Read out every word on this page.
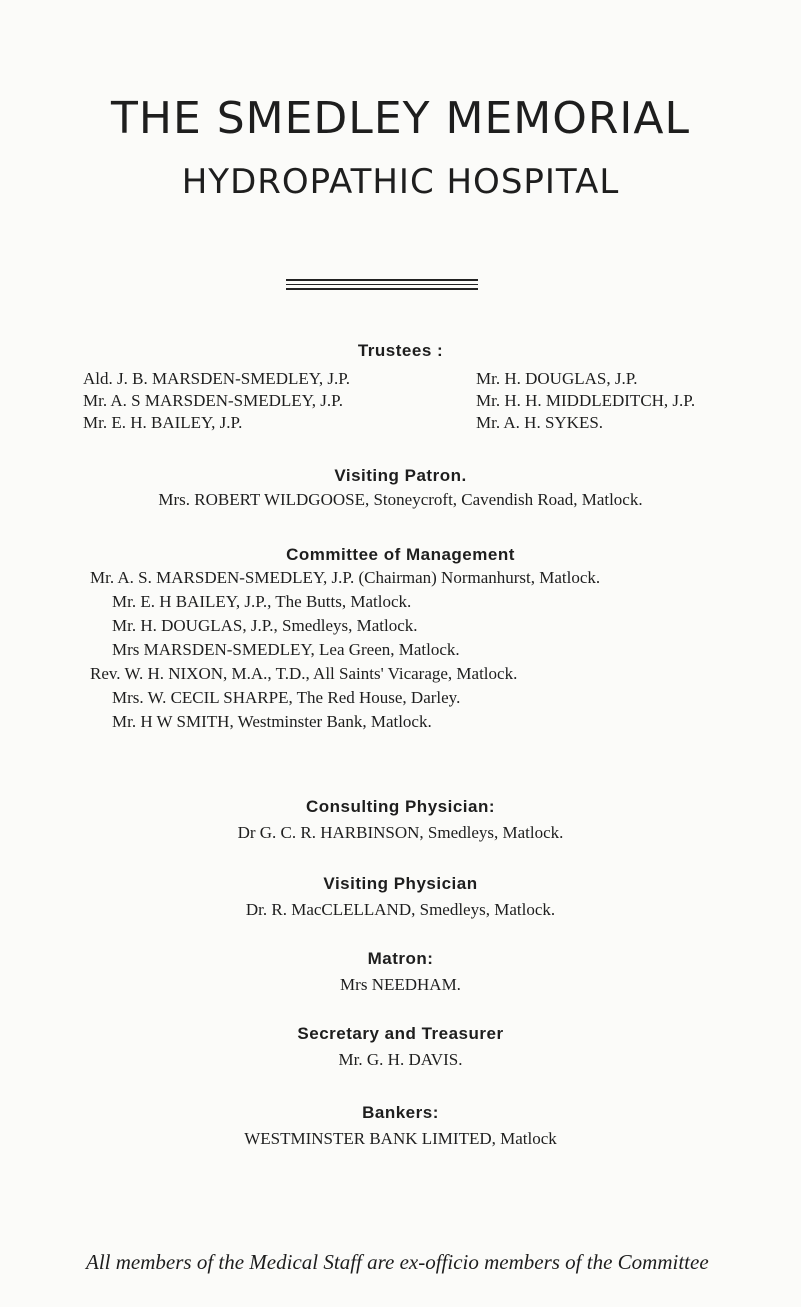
THE SMEDLEY MEMORIAL
HYDROPATHIC HOSPITAL
Trustees :
Ald. J. B. MARSDEN-SMEDLEY, J.P.
Mr. A. S MARSDEN-SMEDLEY, J.P.
Mr. E. H. BAILEY, J.P.
Mr. H. DOUGLAS, J.P.
Mr. H. H. MIDDLEDITCH, J.P.
Mr. A. H. SYKES.
Visiting Patron.
Mrs. ROBERT WILDGOOSE, Stoneycroft, Cavendish Road, Matlock.
Committee of Management
Mr. A. S. MARSDEN-SMEDLEY, J.P. (Chairman) Normanhurst, Matlock.
Mr. E. H BAILEY, J.P., The Butts, Matlock.
Mr. H. DOUGLAS, J.P., Smedleys, Matlock.
Mrs MARSDEN-SMEDLEY, Lea Green, Matlock.
Rev. W. H. NIXON, M.A., T.D., All Saints' Vicarage, Matlock.
Mrs. W. CECIL SHARPE, The Red House, Darley.
Mr. H W SMITH, Westminster Bank, Matlock.
Consulting Physician:
Dr G. C. R. HARBINSON, Smedleys, Matlock.
Visiting Physician
Dr. R. MacCLELLAND, Smedleys, Matlock.
Matron:
Mrs NEEDHAM.
Secretary and Treasurer
Mr. G. H. DAVIS.
Bankers:
WESTMINSTER BANK LIMITED, Matlock
All members of the Medical Staff are ex-officio members of the Committee
